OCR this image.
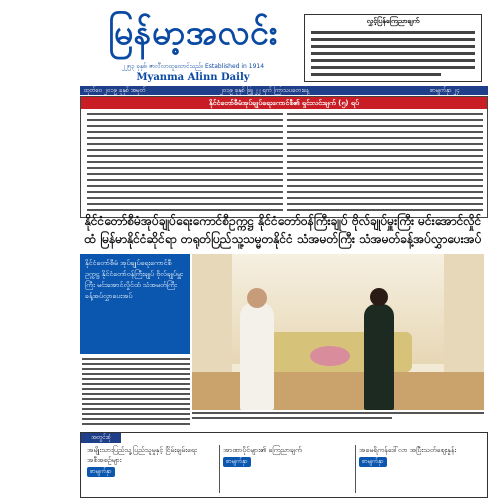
မြန်မာ့အလင်း
၂၂၅၃ ခုနှစ်၊ ဇာလီလာထူထောင်သည်။ Established in 1914
Myanma Alinn Daily
လွှင့်ပြန်ကြေညာချက်
ထုတ်ဝေ ၂၀၁၉ ခုနှစ် အမှတ်	၂၀၁၉ ခုနှစ် ဖြူ ၂၂ ရက် ကြာသပတေးနေ့	စာမျက်နှာ ၂၄
နိုင်ငံတော်စီမံအုပ်ချုပ်ရေးကောင်စီ၏ ရှင်းလင်းချက် (၅) ရပ်
နိုင်ငံတော်စီမံအုပ်ချုပ်ရေးကောင်စီဥက္ကဋ္ဌ နိုင်ငံတော်ဝန်ကြီးချုပ် ဗိုလ်ချုပ်မှူးကြီး မင်းအောင်လှိုင် ထံ မြန်မာနိုင်ငံဆိုင်ရာ တရုတ်ပြည်သူ့သမ္မတနိုင်ငံ သံအမတ်ကြီး သံအမတ်ခန့်အပ်လွှာပေးအပ်
နိုင်ငံတော်စီမံ အုပ်ချုပ်ရေးကောင်စီဥက္ကဋ္ဌ နိုင်ငံတော်ဝန်ကြီးချုပ် ဗိုလ်ချုပ်မှူးကြီး မင်းအောင်လှိုင်ထံ သံအမတ်ကြီး ခန့်အပ်လွှာပေးအပ်
အတွင်းစုံ
အမျိုးသားပြည်သူ့ပြည်သူမှုနှင့် ငြိမ်းချမ်းရေး အစီအစဉ်များ
စာမျက်နှာ
အာဏာပိုင်များ၏ ကြေညာချက်
စာမျက်နှာ
အမေရိကန်ဒေါ်လာ အပြီးသတ်ဈေးနှုန်း
စာမျက်နှာ
